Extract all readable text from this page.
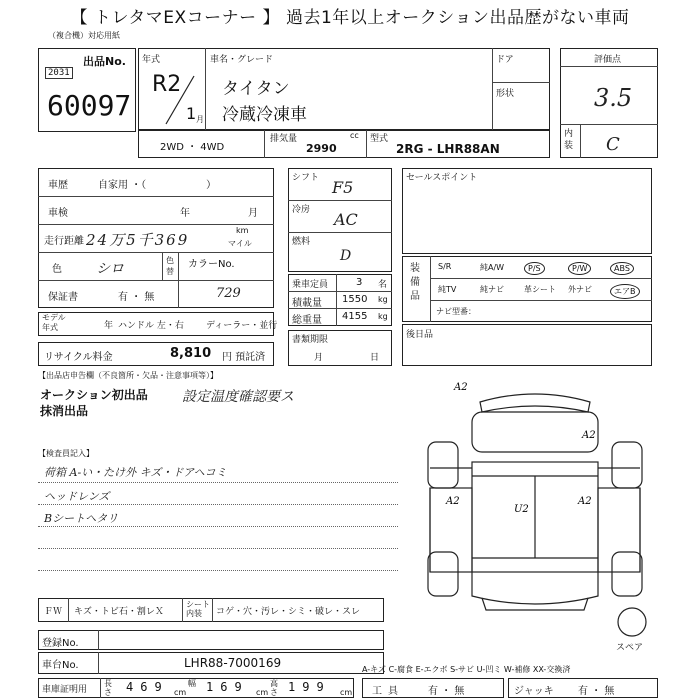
【 トレタマEXコーナー 】 過去1年以上オークション出品歴がない車両
（複合機）対応用紙
出品No.
2031
60097
年式
R2
1 月
車名・グレード
タイタン
冷蔵冷凍車
ドア
形状
評価点
3.5
内装 C
2WD ・ 4WD
排気量	cc
2990
型式
2RG - LHR88AN
車歴	自家用 ・（　　　　　　）
車検	年	月
走行距離 24万5千369
km
マイル
色 シロ
色替
カラーNo.
729
保証書	有 ・ 無
モデル年式	年 ハンドル 左・右 ディーラー・並行
リサイクル料金	8,810 円 預託済
シフト F5
冷房 AC
燃料
D
乗車定員	3 名
積載量 1550 kg
総重量 4155 kg
書類期限
月	日
セールスポイント
装備品
S/R	純A/W	P/S	P/W	ABS
純TV	純ナビ	革シート 外ナビ	エアB
ナビ型番：
後日品
【出品店申告欄（不良箇所・欠品・注意事項等）】
オークション初出品
抹消出品
設定温度確認要ス
【検査員記入】
荷箱 A-い・たけ外 キズ・ドアヘコミ
ヘッドレンズ
Bシートヘタリ
A2
A2
A2
U2
A2
スペア
ＦＷ キズ・トビ石・割レＸ
シート内装	コゲ・穴・汚レ・シミ・破レ・スレ
登録No.
車台No.	LHR88-7000169	A-キズ C-腐食 E-エクボ S-サビ U-凹ミ W-補修 XX-交換済
車庫証明用
長さ 469 cm
幅 169 cm
高さ 199 cm 工具 有 ・ 無	ジャッキ 有 ・ 無
